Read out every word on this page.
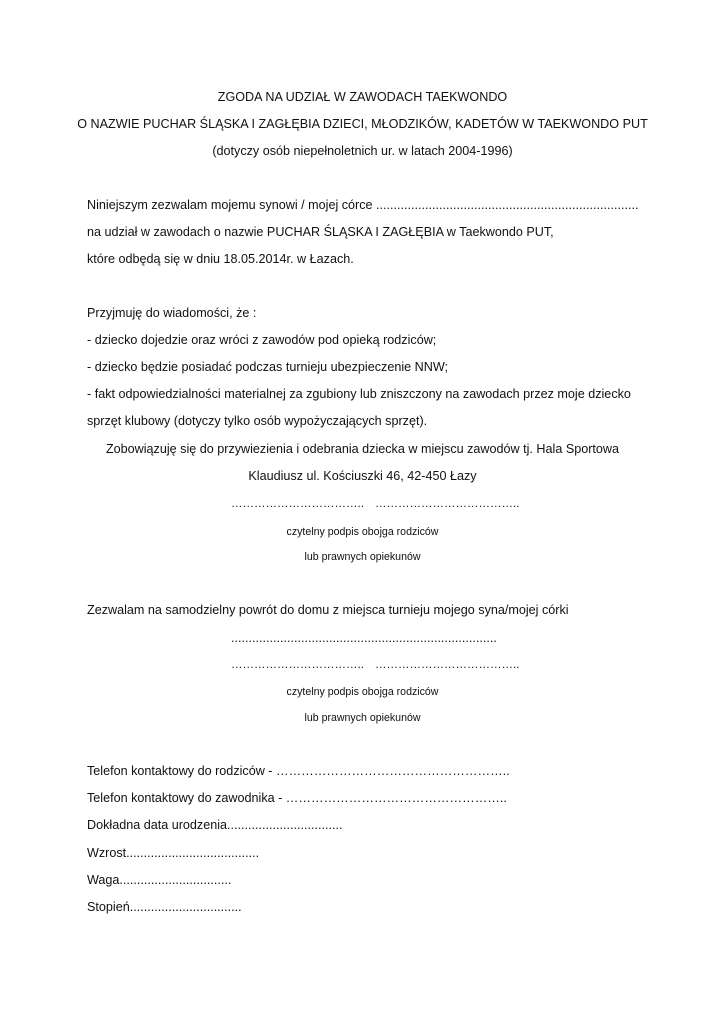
ZGODA NA UDZIAŁ W ZAWODACH TAEKWONDO
O NAZWIE PUCHAR ŚLĄSKA I ZAGŁĘBIA DZIECI, MŁODZIKÓW, KADETÓW W TAEKWONDO PUT
(dotyczy osób niepełnoletnich ur. w latach 2004-1996)
Niniejszym zezwalam mojemu synowi / mojej córce ...........................................................................
na udział w zawodach o nazwie PUCHAR ŚLĄSKA I ZAGŁĘBIA w Taekwondo PUT,
które odbędą się w dniu 18.05.2014r. w Łazach.
Przyjmuję do wiadomości, że :
- dziecko dojedzie oraz wróci z zawodów pod opieką rodziców;
- dziecko będzie posiadać podczas turnieju ubezpieczenie NNW;
- fakt odpowiedzialności materialnej za zgubiony lub zniszczony na zawodach przez moje dziecko
sprzęt klubowy (dotyczy tylko osób wypożyczających sprzęt).
Zobowiązuję się do przywiezienia i odebrania dziecka w miejscu zawodów tj. Hala Sportowa
Klaudiusz ul. Kościuszki 46, 42-450 Łazy
…………………………….. ………………………………..
czytelny podpis obojga rodziców
lub prawnych opiekunów
Zezwalam na samodzielny powrót do domu z miejsca turnieju mojego syna/mojej córki
............................................................................
…………………………….. ………………………………..
czytelny podpis obojga rodziców
lub prawnych opiekunów
Telefon kontaktowy do rodziców - ………………………………………………..
Telefon kontaktowy do zawodnika - ……………………………………………..
Dokładna data urodzenia.................................
Wzrost......................................
Waga................................
Stopień................................
